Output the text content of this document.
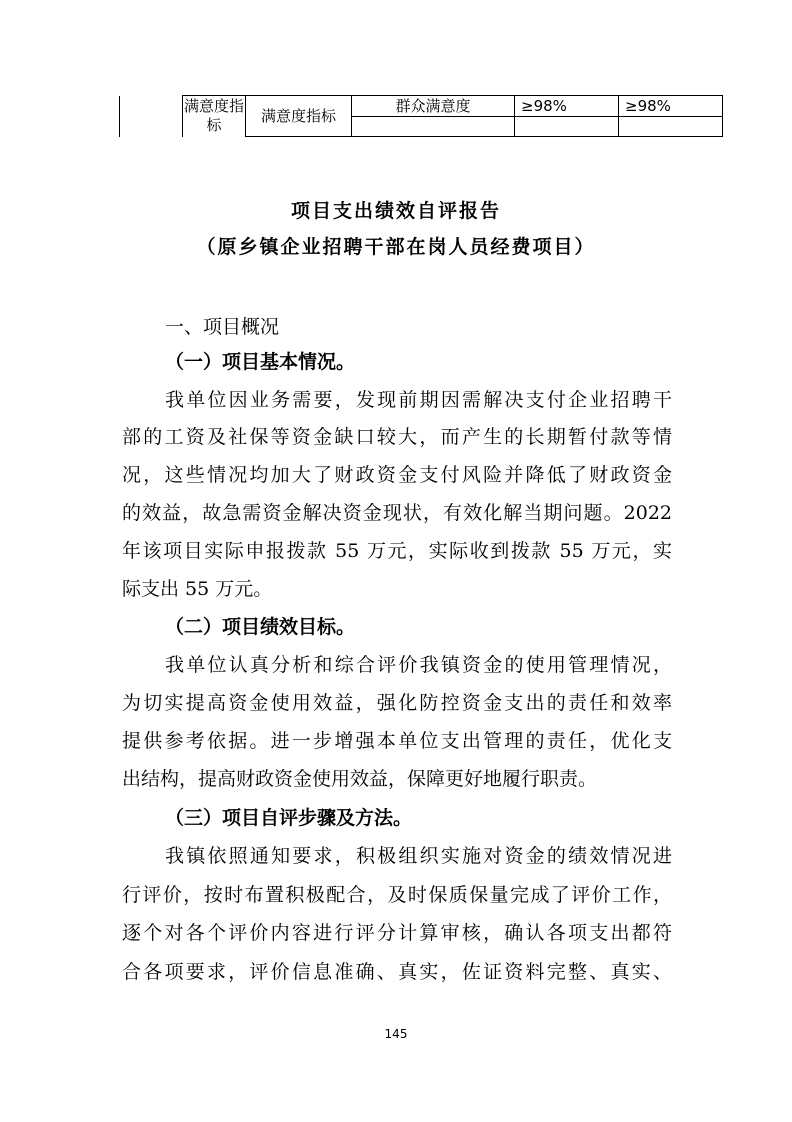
	满意度指标	满意度指标	群众满意度	≥98%	≥98%

项目支出绩效自评报告
（原乡镇企业招聘干部在岗人员经费项目）
一、项目概况
（一）项目基本情况。
我单位因业务需要，发现前期因需解决支付企业招聘干
部的工资及社保等资金缺口较大，而产生的长期暂付款等情
况，这些情况均加大了财政资金支付风险并降低了财政资金
的效益，故急需资金解决资金现状，有效化解当期问题。2022
年该项目实际申报拨款 55 万元，实际收到拨款 55 万元，实
际支出 55 万元。
（二）项目绩效目标。
我单位认真分析和综合评价我镇资金的使用管理情况，
为切实提高资金使用效益，强化防控资金支出的责任和效率
提供参考依据。进一步增强本单位支出管理的责任，优化支
出结构，提高财政资金使用效益，保障更好地履行职责。
（三）项目自评步骤及方法。
我镇依照通知要求，积极组织实施对资金的绩效情况进
行评价，按时布置积极配合，及时保质保量完成了评价工作，
逐个对各个评价内容进行评分计算审核，确认各项支出都符
合各项要求，评价信息准确、真实，佐证资料完整、真实、
145
